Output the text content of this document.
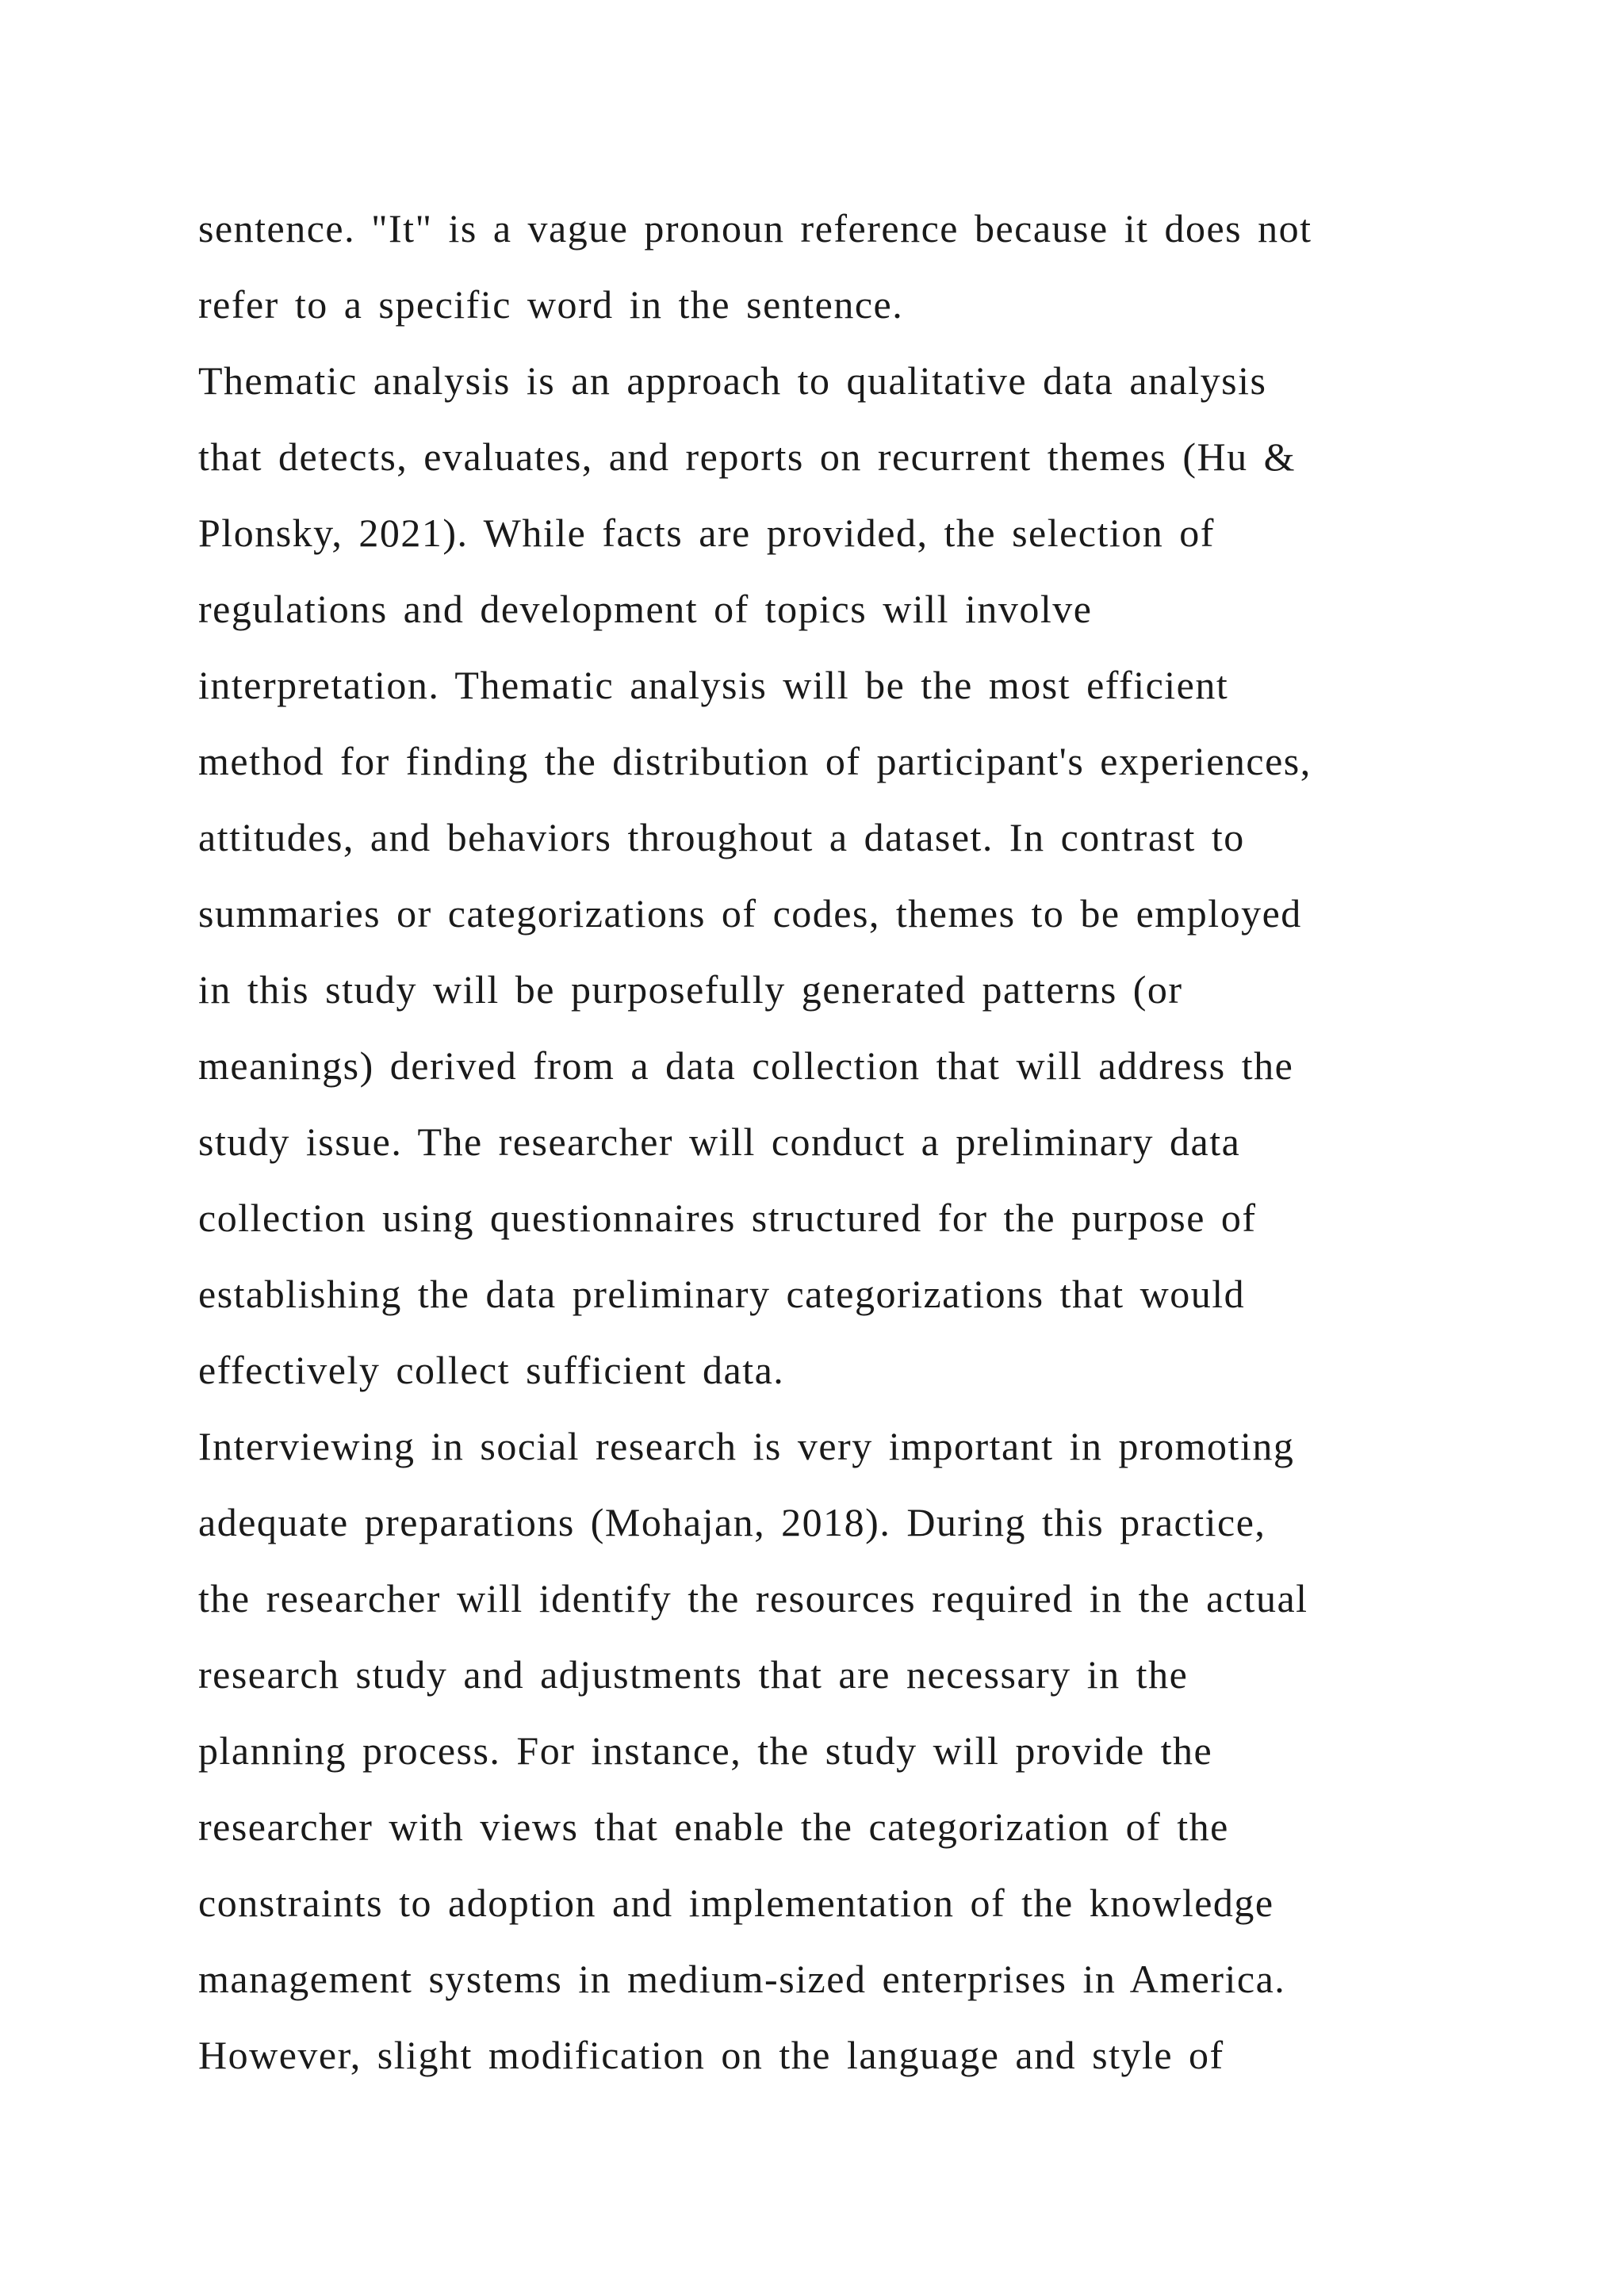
sentence. "It" is a vague pronoun reference because it does not
refer to a specific word in the sentence.
Thematic analysis is an approach to qualitative data analysis
that detects, evaluates, and reports on recurrent themes (Hu &
Plonsky, 2021). While facts are provided, the selection of
regulations and development of topics will involve
interpretation. Thematic analysis will be the most efficient
method for finding the distribution of participant's experiences,
attitudes, and behaviors throughout a dataset. In contrast to
summaries or categorizations of codes, themes to be employed
in this study will be purposefully generated patterns (or
meanings) derived from a data collection that will address the
study issue. The researcher will conduct a preliminary data
collection using questionnaires structured for the purpose of
establishing the data preliminary categorizations that would
effectively collect sufficient data.
Interviewing in social research is very important in promoting
adequate preparations (Mohajan, 2018). During this practice,
the researcher will identify the resources required in the actual
research study and adjustments that are necessary in the
planning process. For instance, the study will provide the
researcher with views that enable the categorization of the
constraints to adoption and implementation of the knowledge
management systems in medium-sized enterprises in America.
However, slight modification on the language and style of
